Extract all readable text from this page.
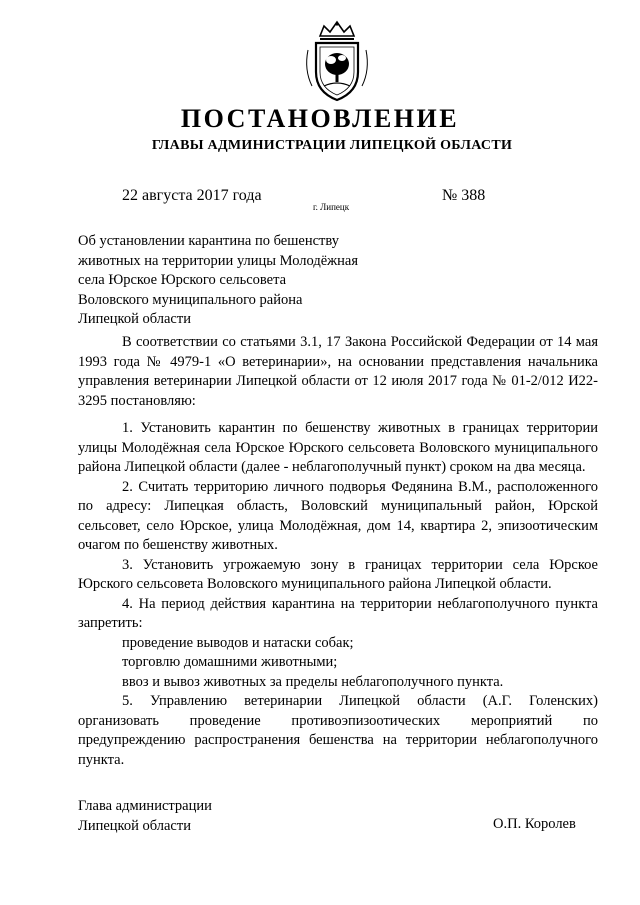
ПОСТАНОВЛЕНИЕ
ГЛАВЫ АДМИНИСТРАЦИИ ЛИПЕЦКОЙ ОБЛАСТИ
22 августа 2017 года
г. Липецк
№ 388
Об установлении карантина по бешенству
животных на территории улицы Молодёжная
села Юрское Юрского сельсовета
Воловского муниципального района
Липецкой области

В соответствии со статьями 3.1, 17 Закона Российской Федерации от 14 мая 1993 года № 4979-1 «О ветеринарии», на основании представления начальника управления ветеринарии Липецкой области от 12 июля 2017 года № 01-2/012 И22-3295 постановляю:

1. Установить карантин по бешенству животных в границах территории улицы Молодёжная села Юрское Юрского сельсовета Воловского муниципального района Липецкой области (далее - неблагополучный пункт) сроком на два месяца.

2. Считать территорию личного подворья Федянина В.М., расположенного по адресу: Липецкая область, Воловский муниципальный район, Юрской сельсовет, село Юрское, улица Молодёжная, дом 14, квартира 2, эпизоотическим очагом по бешенству животных.

3. Установить угрожаемую зону в границах территории села Юрское Юрского сельсовета Воловского муниципального района Липецкой области.

4. На период действия карантина на территории неблагополучного пункта запретить:

проведение выводов и натаски собак;

торговлю домашними животными;

ввоз и вывоз животных за пределы неблагополучного пункта.

5. Управлению ветеринарии Липецкой области (А.Г. Голенских) организовать проведение противоэпизоотических мероприятий по предупреждению распространения бешенства на территории неблагополучного пункта.

Глава администрации
Липецкой области	О.П. Королев
